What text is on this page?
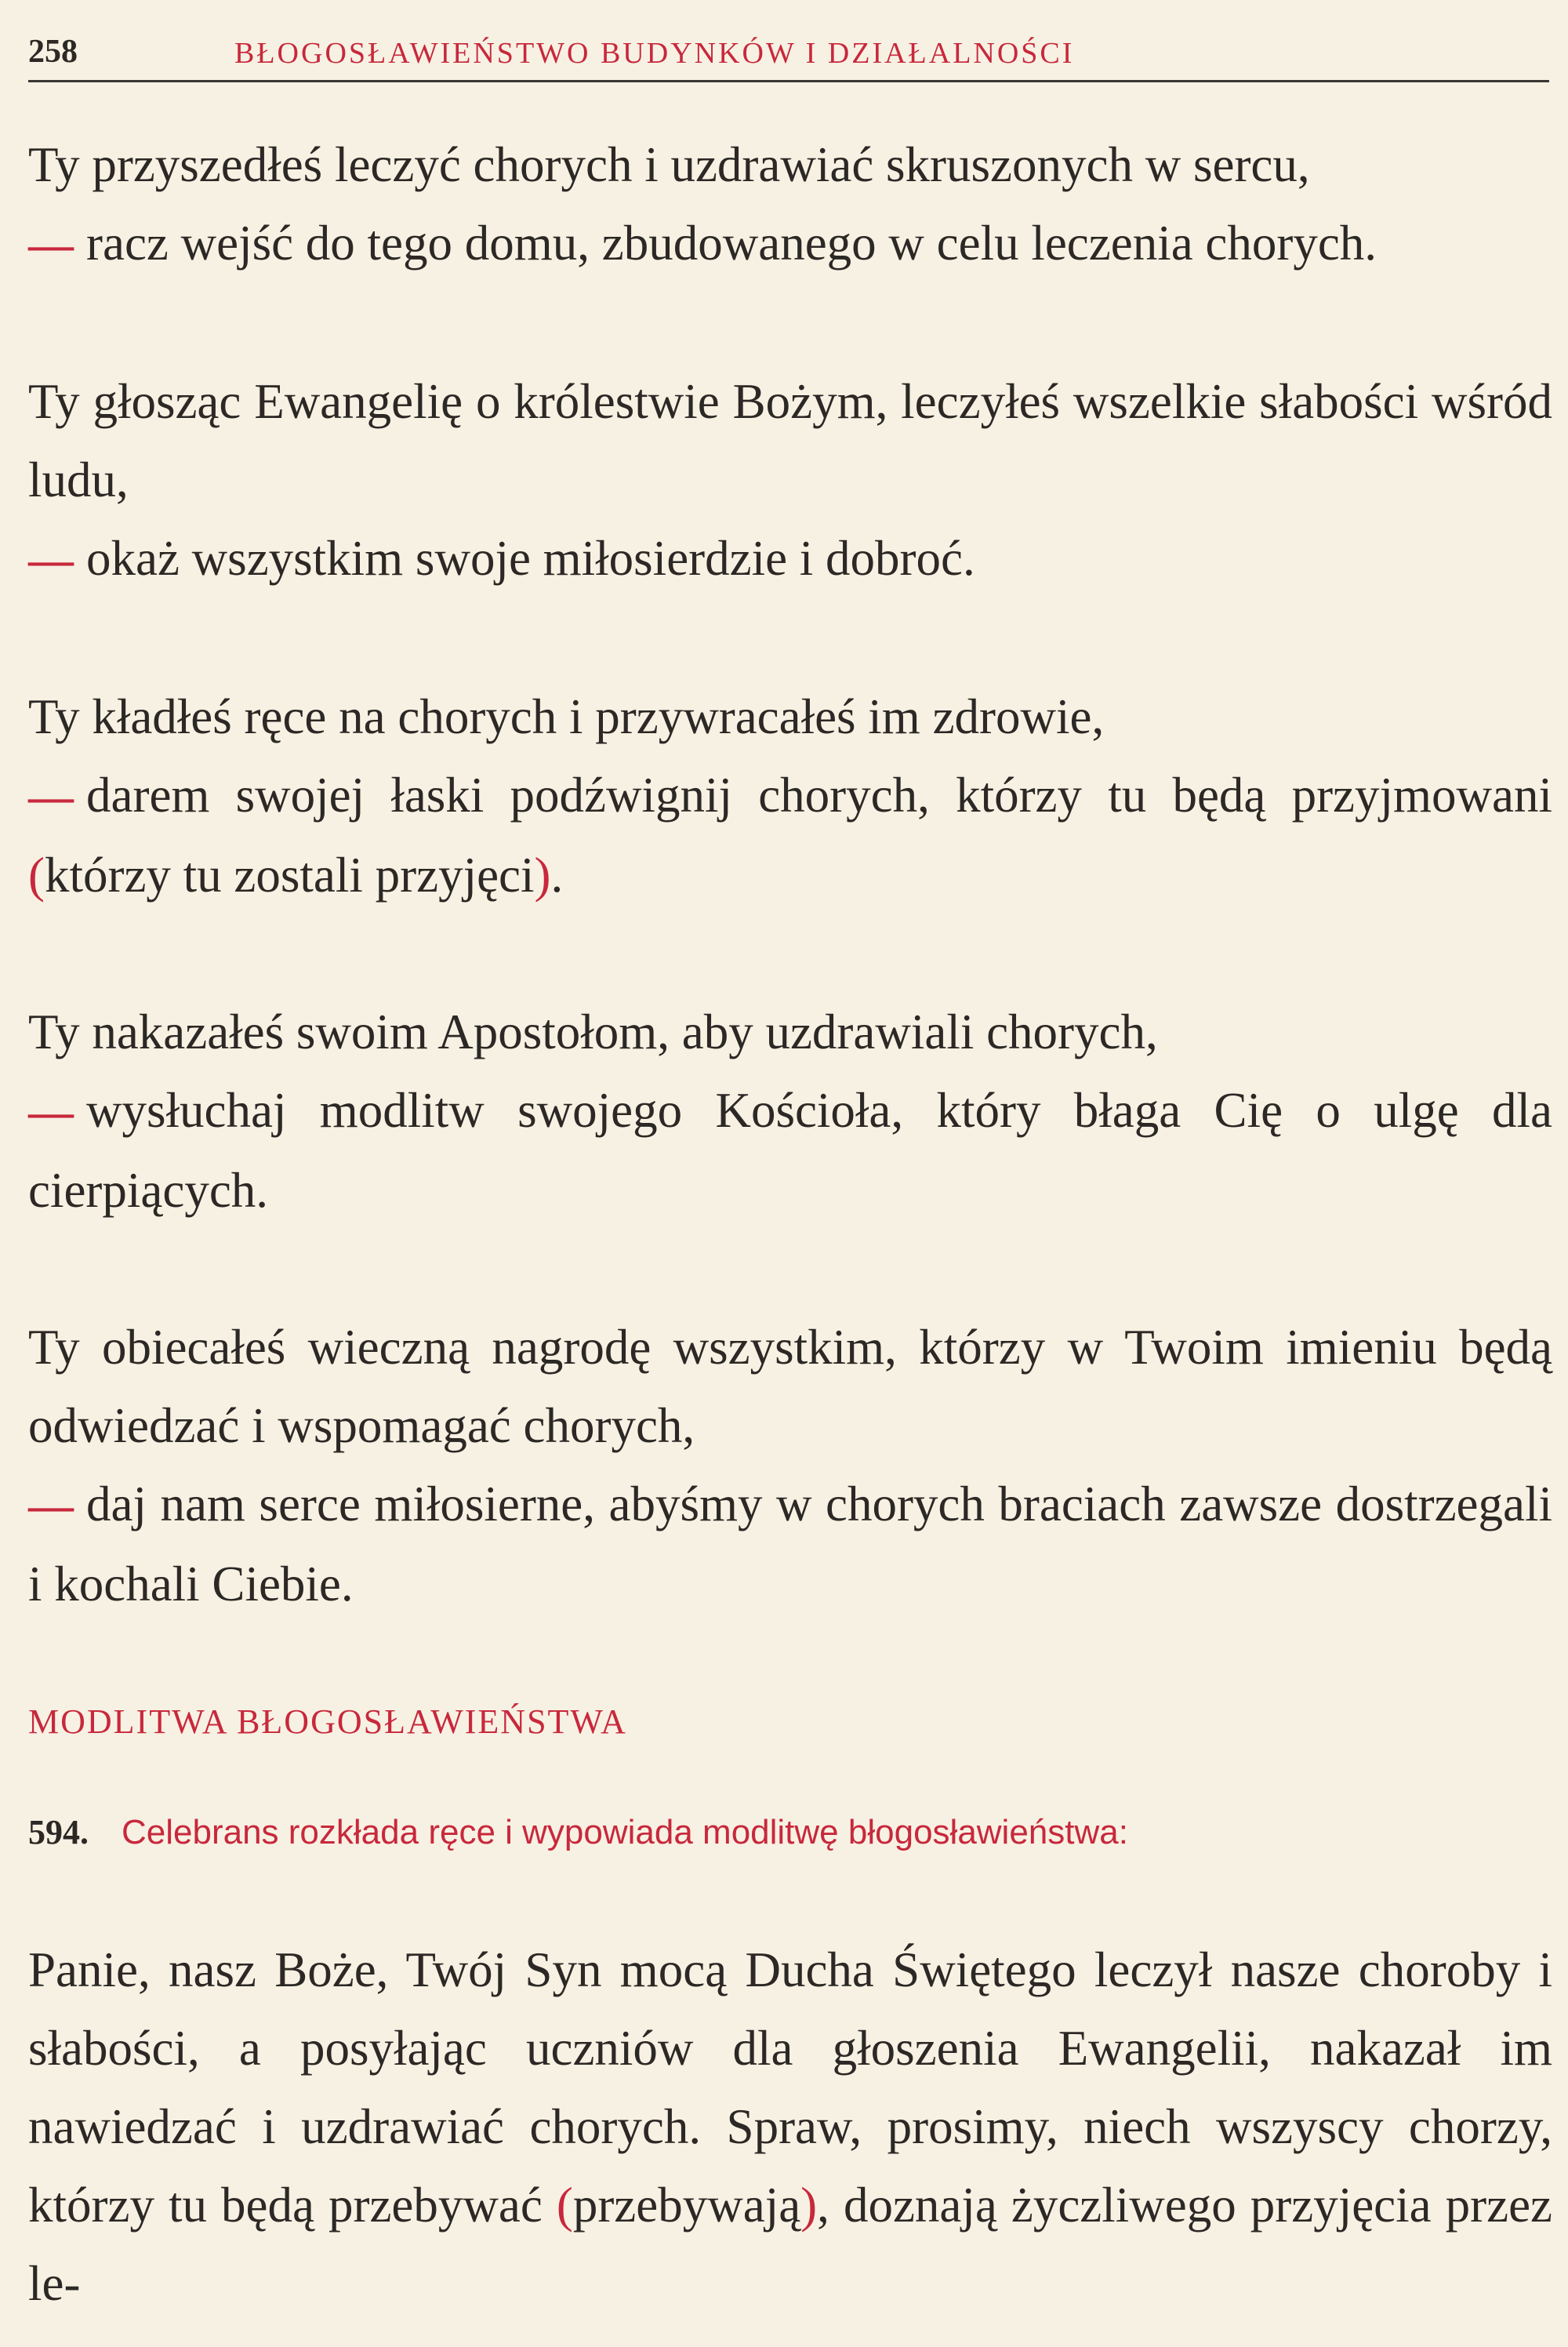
258	BŁOGOSŁAWIEŃSTWO BUDYNKÓW I DZIAŁALNOŚCI
Ty przyszedłeś leczyć chorych i uzdrawiać skruszonych w sercu,
— racz wejść do tego domu, zbudowanego w celu leczenia chorych.
Ty głosząc Ewangelię o królestwie Bożym, leczyłeś wszelkie słabości wśród ludu,
— okaż wszystkim swoje miłosierdzie i dobroć.
Ty kładłeś ręce na chorych i przywracałeś im zdrowie,
— darem swojej łaski podźwignij chorych, którzy tu będą przyjmowani (którzy tu zostali przyjęci).
Ty nakazałeś swoim Apostołom, aby uzdrawiali chorych,
— wysłuchaj modlitw swojego Kościoła, który błaga Cię o ulgę dla cierpiących.
Ty obiecałeś wieczną nagrodę wszystkim, którzy w Twoim imieniu będą odwiedzać i wspomagać chorych,
— daj nam serce miłosierne, abyśmy w chorych braciach zawsze dostrzegali i kochali Ciebie.
MODLITWA BŁOGOSŁAWIEŃSTWA
594. Celebrans rozkłada ręce i wypowiada modlitwę błogosławieństwa:
Panie, nasz Boże, Twój Syn mocą Ducha Świętego leczył nasze choroby i słabości, a posyłając uczniów dla głoszenia Ewangelii, nakazał im nawiedzać i uzdrawiać chorych. Spraw, prosimy, niech wszyscy chorzy, którzy tu będą przebywać (przebywają), doznają życzliwego przyjęcia przez le-
